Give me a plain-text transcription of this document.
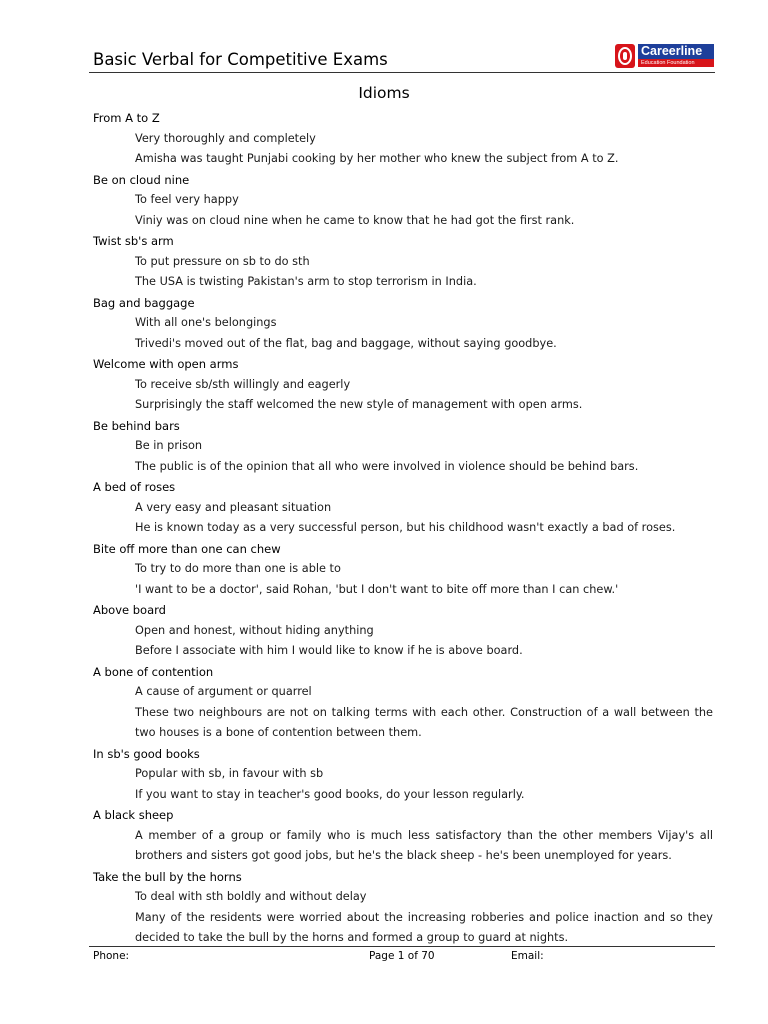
Basic Verbal for Competitive Exams	Careerline
Education Foundation
Idioms
From A to Z
Very thoroughly and completely
Amisha was taught Punjabi cooking by her mother who knew the subject from A to Z.
Be on cloud nine
To feel very happy
Viniy was on cloud nine when he came to know that he had got the first rank.
Twist sb's arm
To put pressure on sb to do sth
The USA is twisting Pakistan's arm to stop terrorism in India.
Bag and baggage
With all one's belongings
Trivedi's moved out of the flat, bag and baggage, without saying goodbye.
Welcome with open arms
To receive sb/sth willingly and eagerly
Surprisingly the staff welcomed the new style of management with open arms.
Be behind bars
Be in prison
The public is of the opinion that all who were involved in violence should be behind bars.
A bed of roses
A very easy and pleasant situation
He is known today as a very successful person, but his childhood wasn't exactly a bad of roses.
Bite off more than one can chew
To try to do more than one is able to
'I want to be a doctor', said Rohan, 'but I don't want to bite off more than I can chew.'
Above board
Open and honest, without hiding anything
Before I associate with him I would like to know if he is above board.
A bone of contention
A cause of argument or quarrel
These two neighbours are not on talking terms with each other. Construction of a wall between the two houses is a bone of contention between them.
In sb's good books
Popular with sb, in favour with sb
If you want to stay in teacher's good books, do your lesson regularly.
A black sheep
A member of a group or family who is much less satisfactory than the other members Vijay's all brothers and sisters got good jobs, but he's the black sheep - he's been unemployed for years.
Take the bull by the horns
To deal with sth boldly and without delay
Many of the residents were worried about the increasing robberies and police inaction and so they decided to take the bull by the horns and formed a group to guard at nights.
Phone:	Page 1 of 70	Email:
